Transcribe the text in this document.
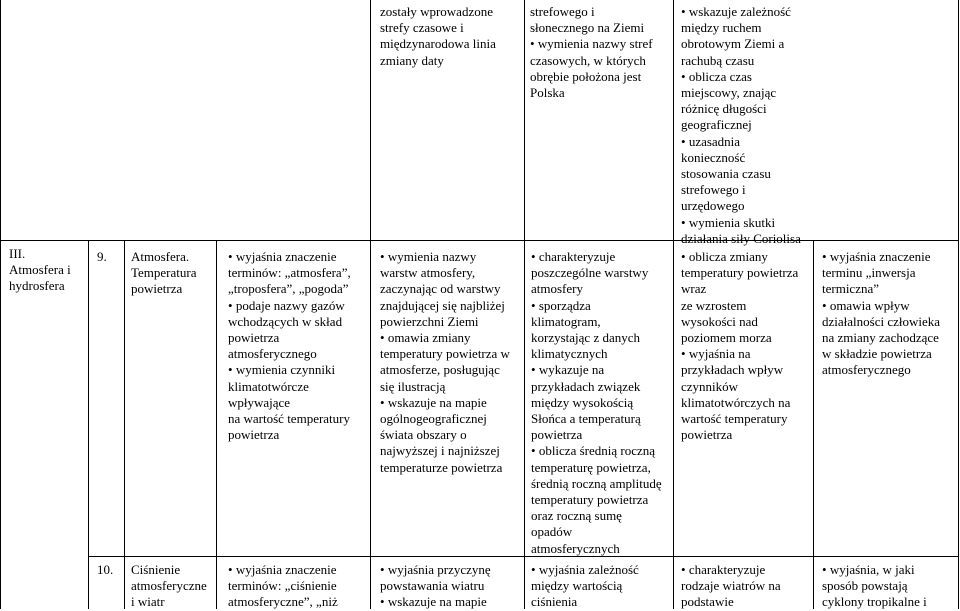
zostały wprowadzone
strefy czasowe i
międzynarodowa linia
zmiany daty
strefowego i
słonecznego na Ziemi
• wymienia nazwy stref
czasowych, w których
obrębie położona jest
Polska
• wskazuje zależność
między ruchem
obrotowym Ziemi a
rachubą czasu
• oblicza czas
miejscowy, znając
różnicę długości
geograficznej
• uzasadnia
konieczność
stosowania czasu
strefowego i
urzędowego
• wymienia skutki
działania siły Coriolisa
III.
Atmosfera i
hydrosfera
9.	Atmosfera.
Temperatura
powietrza
• wyjaśnia znaczenie
terminów: „atmosfera”,
„troposfera”, „pogoda”
• podaje nazwy gazów
wchodzących w skład
powietrza
atmosferycznego
• wymienia czynniki
klimatotwórcze
wpływające
na wartość temperatury
powietrza
• wymienia nazwy
warstw atmosfery,
zaczynając od warstwy
znajdującej się najbliżej
powierzchni Ziemi
• omawia zmiany
temperatury powietrza w
atmosferze, posługując
się ilustracją
• wskazuje na mapie
ogólnogeograficznej
świata obszary o
najwyższej i najniższej
temperaturze powietrza
• charakteryzuje
poszczególne warstwy
atmosfery
• sporządza
klimatogram,
korzystając z danych
klimatycznych
• wykazuje na
przykładach związek
między wysokością
Słońca a temperaturą
powietrza
• oblicza średnią roczną
temperaturę powietrza,
średnią roczną amplitudę
temperatury powietrza
oraz roczną sumę
opadów
atmosferycznych
• oblicza zmiany
temperatury powietrza
wraz
ze wzrostem
wysokości nad
poziomem morza
• wyjaśnia na
przykładach wpływ
czynników
klimatotwórczych na
wartość temperatury
powietrza
• wyjaśnia znaczenie
terminu „inwersja
termiczna”
• omawia wpływ
działalności człowieka
na zmiany zachodzące
w składzie powietrza
atmosferycznego
10.	Ciśnienie
atmosferyczne
i wiatr
• wyjaśnia znaczenie
terminów: „ciśnienie
atmosferyczne”, „niż
• wyjaśnia przyczynę
powstawania wiatru
• wskazuje na mapie
• wyjaśnia zależność
między wartością
ciśnienia
• charakteryzuje
rodzaje wiatrów na
podstawie
• wyjaśnia, w jaki
sposób powstają
cyklony tropikalne i
